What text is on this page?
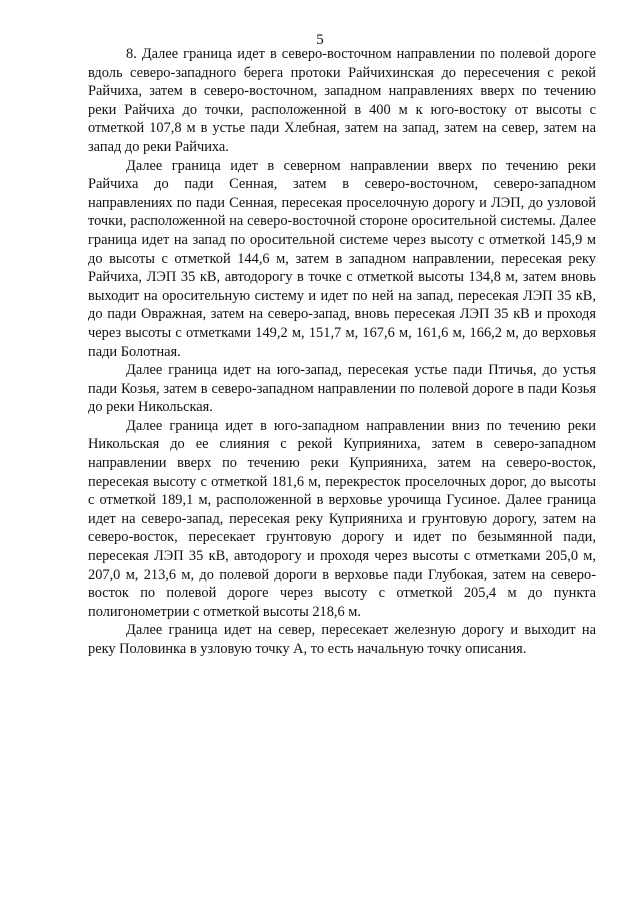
5

8. Далее граница идет в северо-восточном направлении по полевой дороге вдоль северо-западного берега протоки Райчихинская до пересечения с рекой Райчиха, затем в северо-восточном, западном направлениях вверх по течению реки Райчиха до точки, расположенной в 400 м к юго-востоку от высоты с отметкой 107,8 м в устье пади Хлебная, затем на запад, затем на север, затем на запад до реки Райчиха.

Далее граница идет в северном направлении вверх по течению реки Райчиха до пади Сенная, затем в северо-восточном, северо-западном направлениях по пади Сенная, пересекая проселочную дорогу и ЛЭП, до узловой точки, расположенной на северо-восточной стороне оросительной системы. Далее граница идет на запад по оросительной системе через высоту с отметкой 145,9 м до высоты с отметкой 144,6 м, затем в западном направлении, пересекая реку Райчиха, ЛЭП 35 кВ, автодорогу в точке с отметкой высоты 134,8 м, затем вновь выходит на оросительную систему и идет по ней на запад, пересекая ЛЭП 35 кВ, до пади Овражная, затем на северо-запад, вновь пересекая ЛЭП 35 кВ и проходя через высоты с отметками 149,2 м, 151,7 м, 167,6 м, 161,6 м, 166,2 м, до верховья пади Болотная.

Далее граница идет на юго-запад, пересекая устье пади Птичья, до устья пади Козья, затем в северо-западном направлении по полевой дороге в пади Козья до реки Никольская.

Далее граница идет в юго-западном направлении вниз по течению реки Никольская до ее слияния с рекой Куприяниха, затем в северо-западном направлении вверх по течению реки Куприяниха, затем на северо-восток, пересекая высоту с отметкой 181,6 м, перекресток проселочных дорог, до высоты с отметкой 189,1 м, расположенной в верховье урочища Гусиное. Далее граница идет на северо-запад, пересекая реку Куприяниха и грунтовую дорогу, затем на северо-восток, пересекает грунтовую дорогу и идет по безымянной пади, пересекая ЛЭП 35 кВ, автодорогу и проходя через высоты с отметками 205,0 м, 207,0 м, 213,6 м, до полевой дороги в верховье пади Глубокая, затем на северо-восток по полевой дороге через высоту с отметкой 205,4 м до пункта полигонометрии с отметкой высоты 218,6 м.

Далее граница идет на север, пересекает железную дорогу и выходит на реку Половинка в узловую точку А, то есть начальную точку описания.
